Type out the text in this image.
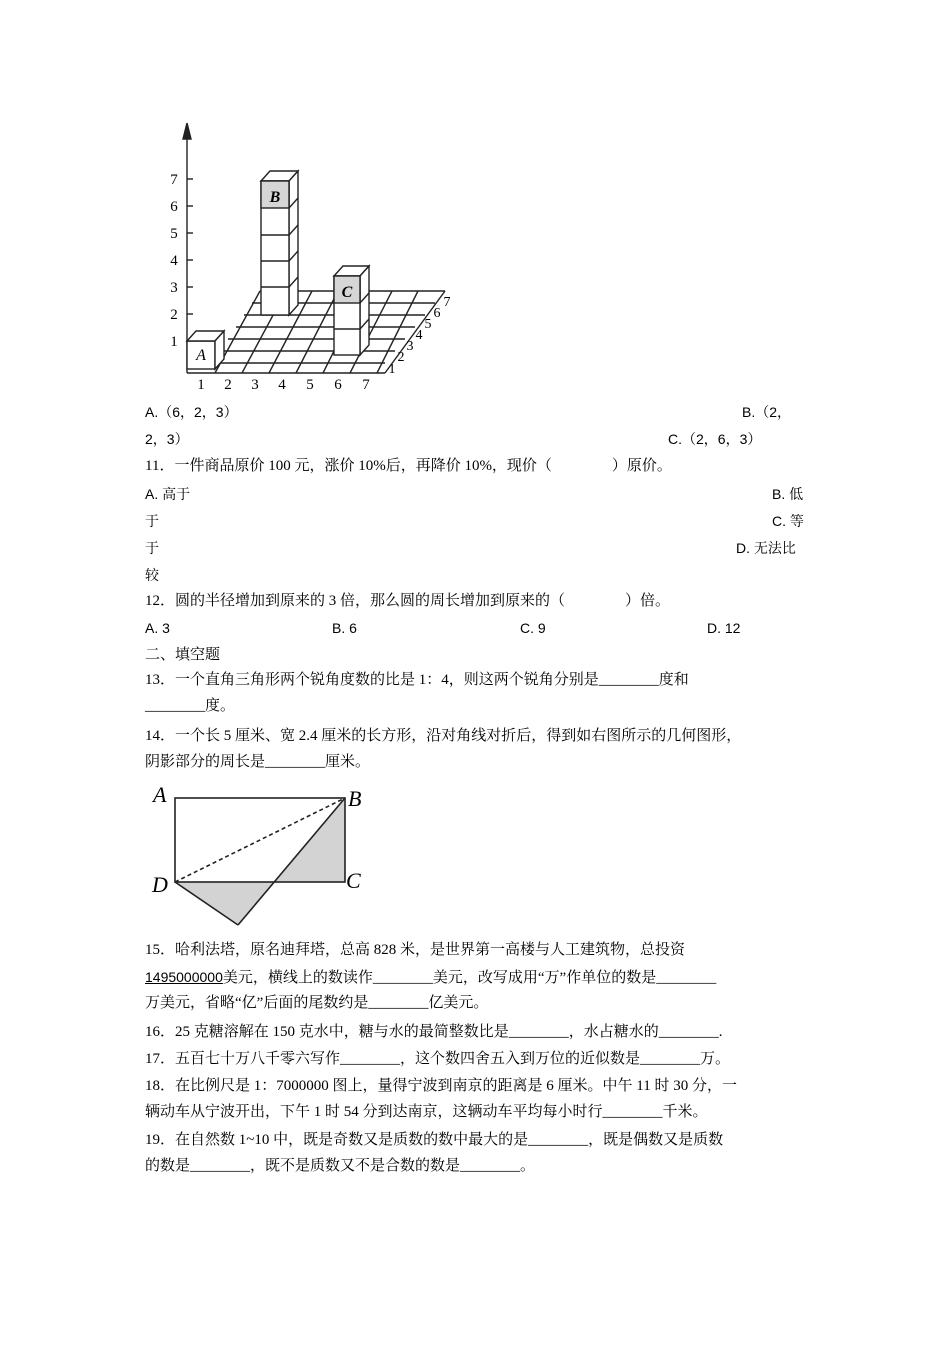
A
B
C
1
2
3
4
5
6
7
1 2 3 4 5 6 7
1
2
3
4
5
6
7
A.（6，2，3）	B.（2，
2，3）	C.（2，6，3）
11．一件商品原价 100 元，涨价 10%后，再降价 10%，现价（　　　　）原价。
A. 高于	B. 低
于	C. 等
于	D. 无法比
较
12．圆的半径增加到原来的 3 倍，那么圆的周长增加到原来的（　　　　）倍。
A. 3	B. 6	C. 9	D. 12
二、填空题
13．一个直角三角形两个锐角度数的比是 1：4，则这两个锐角分别是________度和
________度。
14．一个长 5 厘米、宽 2.4 厘米的长方形，沿对角线对折后，得到如右图所示的几何图形，
阴影部分的周长是________厘米。
A	B
C
D
15．哈利法塔，原名迪拜塔，总高 828 米，是世界第一高楼与人工建筑物，总投资
1495000000美元，横线上的数读作________美元，改写成用“万”作单位的数是________
万美元，省略“亿”后面的尾数约是________亿美元。
16．25 克糖溶解在 150 克水中，糖与水的最简整数比是________，水占糖水的________.
17．五百七十万八千零六写作________，这个数四舍五入到万位的近似数是________万。
18．在比例尺是 1：7000000 图上，量得宁波到南京的距离是 6 厘米。中午 11 时 30 分，一
辆动车从宁波开出，下午 1 时 54 分到达南京，这辆动车平均每小时行________千米。
19．在自然数 1~10 中，既是奇数又是质数的数中最大的是________，既是偶数又是质数
的数是________，既不是质数又不是合数的数是________。
